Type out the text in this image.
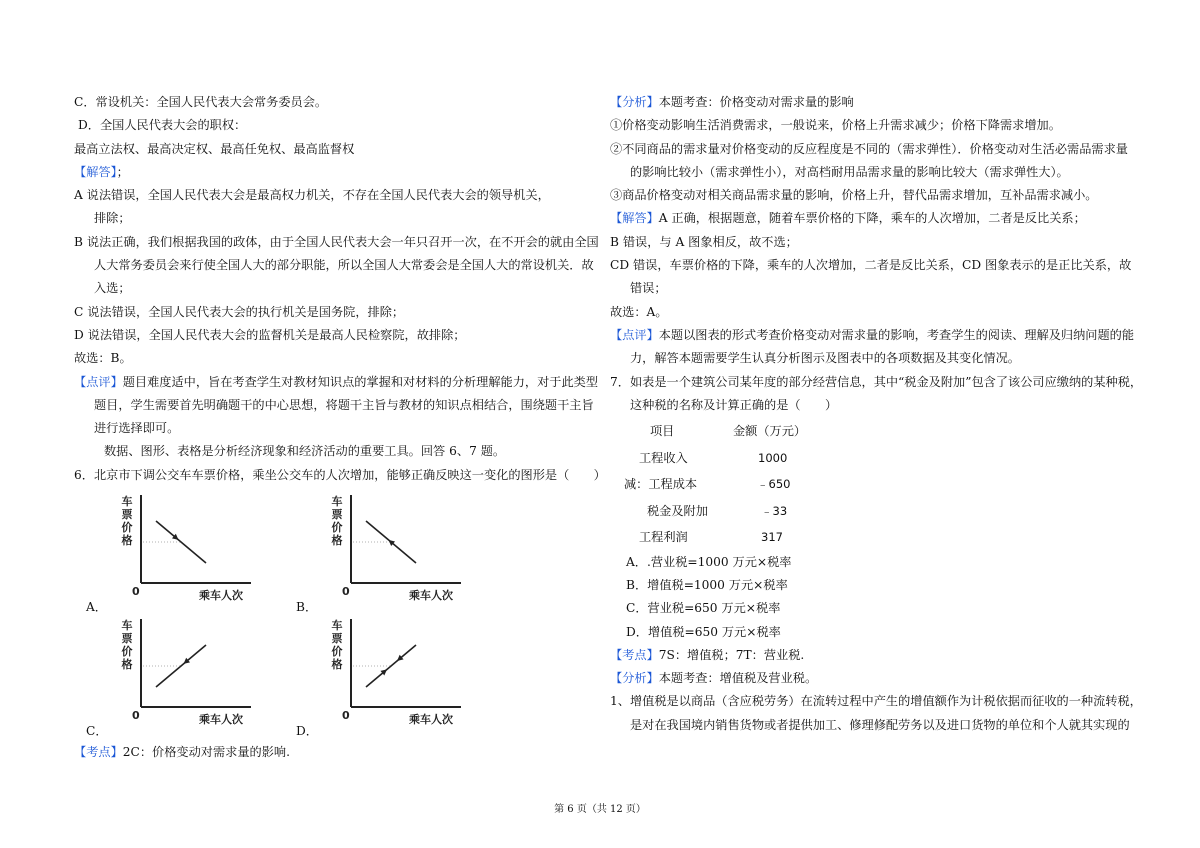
C．常设机关：全国人民代表大会常务委员会。
D．全国人民代表大会的职权：
最高立法权、最高决定权、最高任免权、最高监督权
【解答】；
A 说法错误，全国人民代表大会是最高权力机关，不存在全国人民代表大会的领导机关，
排除；
B 说法正确，我们根据我国的政体，由于全国人民代表大会一年只召开一次，在不开会的就由全国
人大常务委员会来行使全国人大的部分职能，所以全国人大常委会是全国人大的常设机关．故
入选；
C 说法错误，全国人民代表大会的执行机关是国务院，排除；
D 说法错误，全国人民代表大会的监督机关是最高人民检察院，故排除；
故选：B。
【点评】题目难度适中，旨在考查学生对教材知识点的掌握和对材料的分析理解能力，对于此类型
题目，学生需要首先明确题干的中心思想，将题干主旨与教材的知识点相结合，围绕题干主旨
进行选择即可。
数据、图形、表格是分析经济现象和经济活动的重要工具。回答 6、7 题。
6．北京市下调公交车车票价格，乘坐公交车的人次增加，能够正确反映这一变化的图形是（　　）
A．
车
票
价
格
0	乘车人次
B．
车
票
价
格
0	乘车人次
C．
车
票
价
格
0	乘车人次
D．
车
票
价
格
0	乘车人次
【考点】2C：价格变动对需求量的影响.
【分析】本题考查：价格变动对需求量的影响
①价格变动影响生活消费需求，一般说来，价格上升需求减少；价格下降需求增加。
②不同商品的需求量对价格变动的反应程度是不同的（需求弹性）．价格变动对生活必需品需求量
的影响比较小（需求弹性小），对高档耐用品需求量的影响比较大（需求弹性大）。
③商品价格变动对相关商品需求量的影响，价格上升，替代品需求增加，互补品需求减小。
【解答】A 正确，根据题意，随着车票价格的下降，乘车的人次增加，二者是反比关系；
B 错误，与 A 图象相反，故不选；
CD 错误，车票价格的下降，乘车的人次增加，二者是反比关系，CD 图象表示的是正比关系，故
错误；
故选：A。
【点评】本题以图表的形式考查价格变动对需求量的影响，考查学生的阅读、理解及归纳问题的能
力，解答本题需要学生认真分析图示及图表中的各项数据及其变化情况。
7．如表是一个建筑公司某年度的部分经营信息，其中“税金及附加”包含了该公司应缴纳的某种税，
这种税的名称及计算正确的是（　　）
项目	金额（万元）
工程收入	1000
减：工程成本	﹣650
税金及附加	﹣33
工程利润	317
A．.营业税=1000 万元×税率
B．增值税=1000 万元×税率
C．营业税=650 万元×税率
D．增值税=650 万元×税率
【考点】7S：增值税；7T：营业税.
【分析】本题考查：增值税及营业税。
1、增值税是以商品（含应税劳务）在流转过程中产生的增值额作为计税依据而征收的一种流转税，
是对在我国境内销售货物或者提供加工、修理修配劳务以及进口货物的单位和个人就其实现的
第 6 页（共 12 页）
